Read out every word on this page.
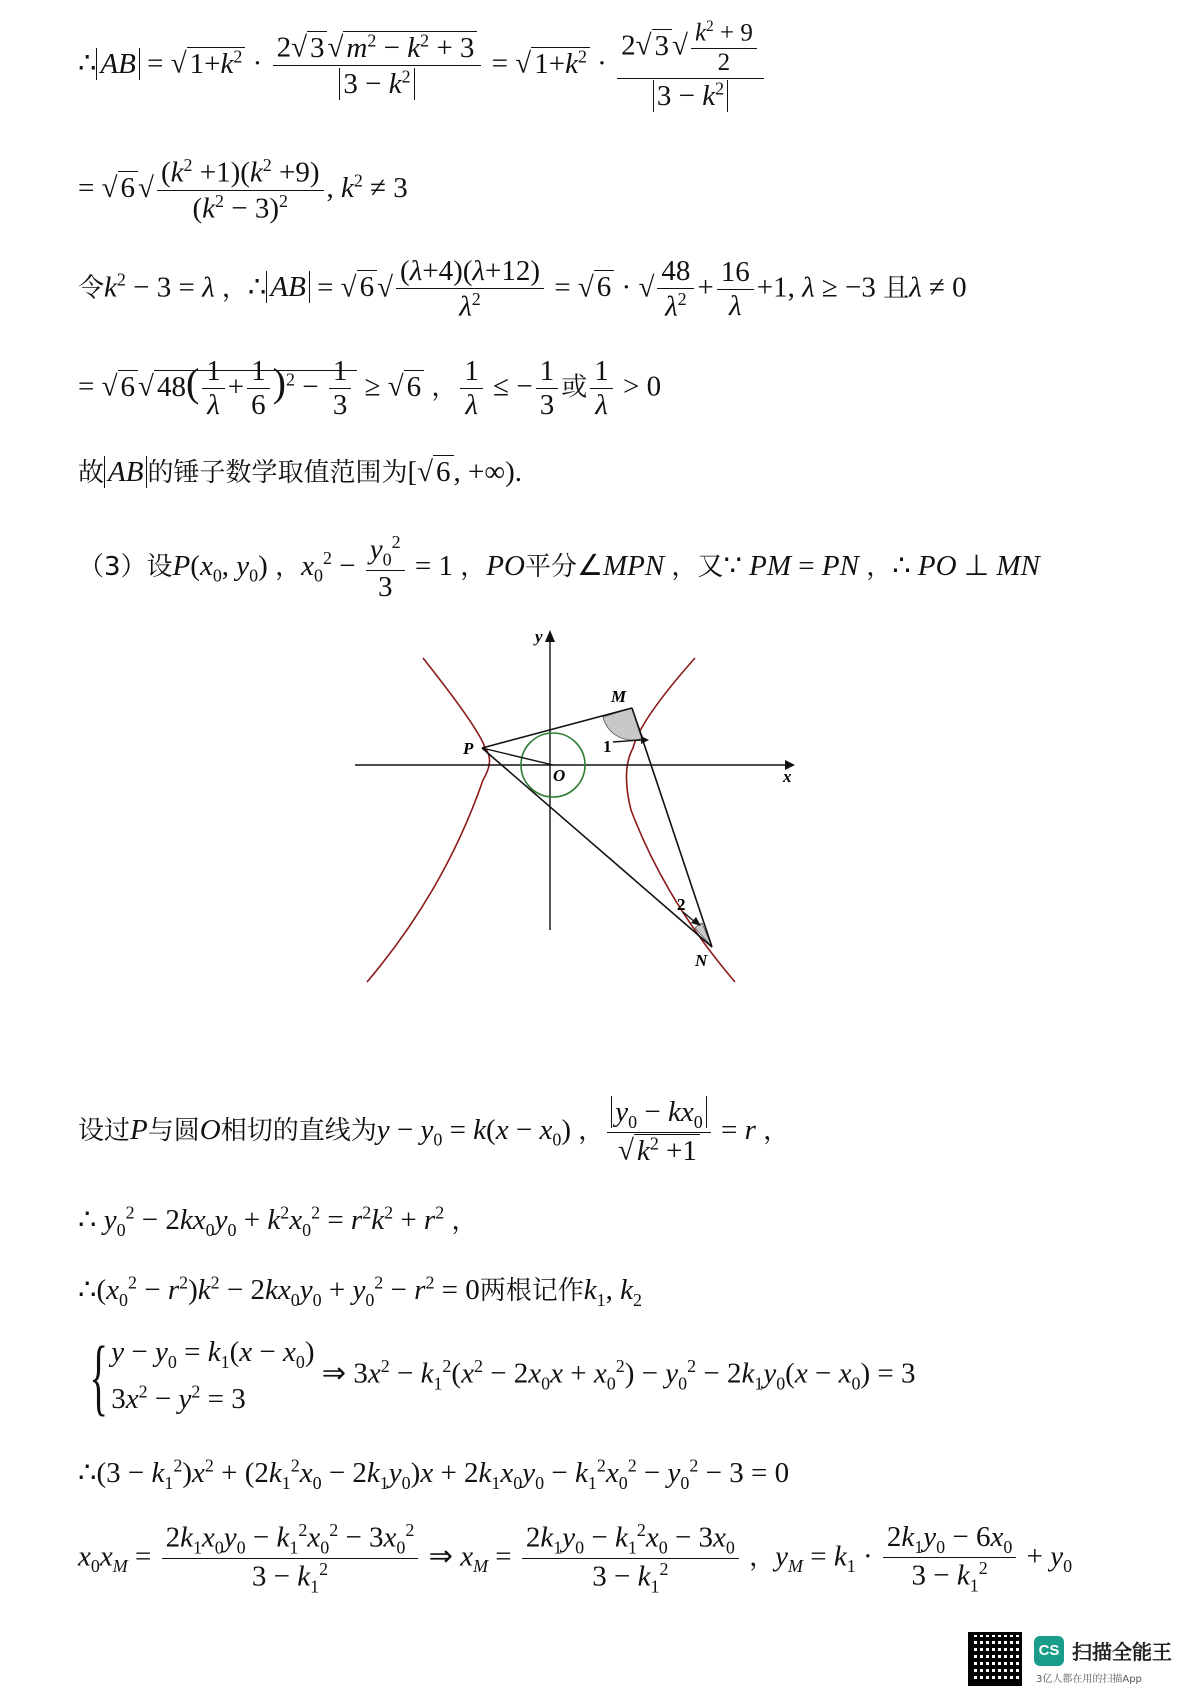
∴ AB = √ $1+k^2 \cdot \frac{2√ 3 √ m^2 - k^2 + 3}{3 - k^2}$ = √ $1+k^2 \cdot \frac{2√ 3 √ \frac{k^2 + 9}{2}}{3 - k^2}$
= √ 6 √ $\frac{(k^2 +1)(k^2 +9)}{(k^2 - 3)^2}$ , $k^2 \ne 3$
令$k^2 - 3 = \lambda$ ，∴ AB = √ 6 √ $\frac{(\lambda+4)(\lambda+12)}{\lambda^2}$ = √ 6 · √ $\frac{48}{\lambda^2} + \frac{16}{\lambda} +1$, λ ≥ −3 且λ ≠ 0
= √ 6 √ $48( \frac{1}{\lambda} + \frac{1}{6} )^2 - \frac{1}{3}$ ≥ √ 6 ， $\frac{1}{\lambda}$ ≤ − $\frac{1}{3}$ 或 $\frac{1}{\lambda} > 0$
故 AB 的锤子数学取值范围为[√ 6 , +∞).
（3）设$P(x_0$, $y_0$) ，$x_0^2 - \frac{y_0^2}{3} = 1$ ，PO平分∠MPN ，又∵ PM = PN ，∴ PO ⊥ MN
y
x
M
P
O
N
1
2
设过P与圆O相切的直线为$y - y_0 = k(x - x_0)$ ， $\frac{y_0 - kx_0}{√ k^2 +1} = r$ ，
∴ $y_0^2 - 2kx_0y_0 + k^2x_0^2 = r^2k^2 + r^2$ ，
$\therefore(x_0^2 - r^2)k^2 - 2kx_0y_0 + y_0^2 - r^2 = 0$两根记作$k_1$, $k_2$
{ $y - y_0 = k_1(x - x_0)$
$3x^2 - y^2 = 3$ ⇒ $3x^2 - k_1^2(x^2 - 2x_0x + x_0^2) - y_0^2 - 2k_1y_0(x - x_0) = 3$
∴(3 − $k_1^2)x^2 + (2k_1^2x_0 - 2k_1y_0)x + 2k_1x_0y_0 - k_1^2x_0^2 - y_0^2 - 3 = 0$
$x_0x_M = \frac{2k_1x_0y_0 - k_1^2x_0^2 - 3x_0^2}{3 - k_1^2}$ ⇒ $x_M = \frac{2k_1y_0 - k_1^2x_0 - 3x_0}{3 - k_1^2}$ ，$y_M = k_1 \cdot \frac{2k_1y_0 - 6x_0}{3 - k_1^2} + y_0$
CS 扫描全能王
3亿人都在用的扫描App
